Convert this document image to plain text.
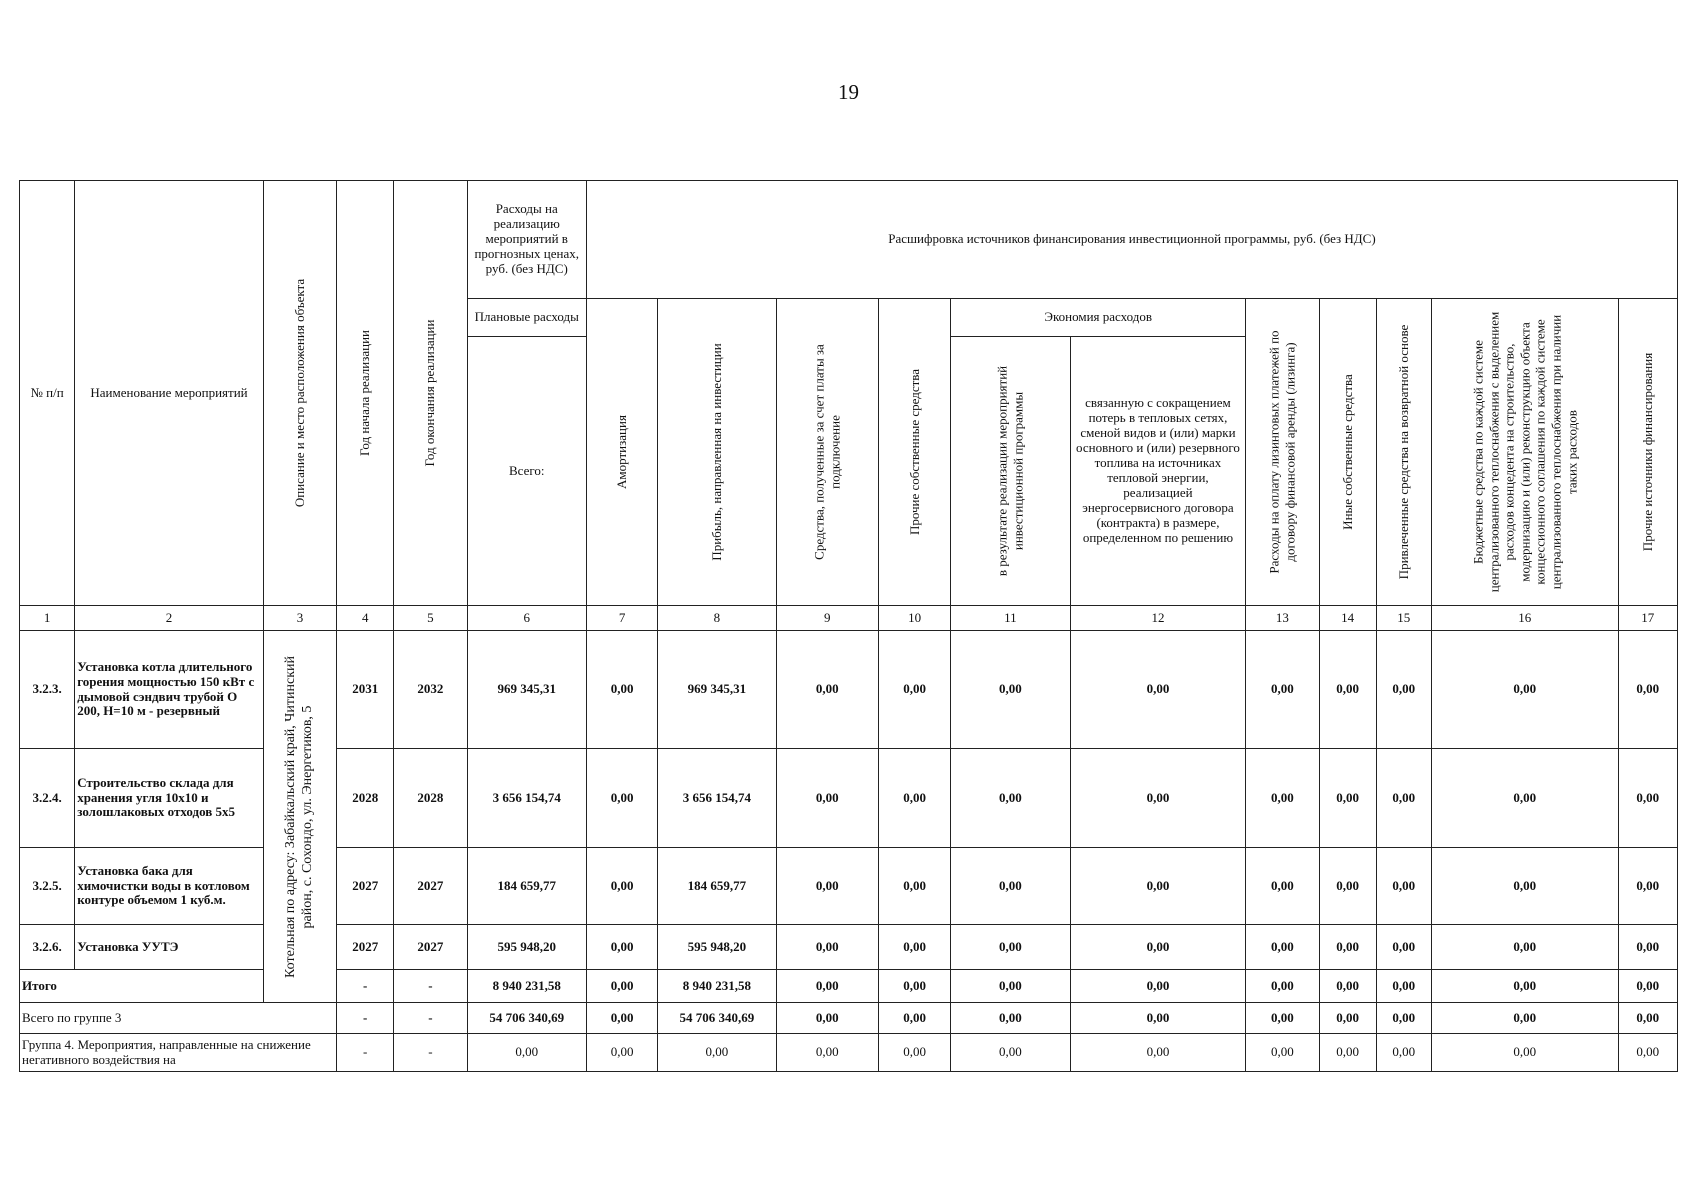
19
№ п/п	Наименование мероприятий	Описание и место расположения объекта	Год начала реализации	Год окончания реализации	Расходы на реализацию мероприятий в прогнозных ценах, руб. (без НДС)	Расшифровка источников финансирования инвестиционной программы, руб. (без НДС)										
					Плановые расходы	Амортизация	Прибыль, направленная на инвестиции	Средства, полученные за счет платы за подключение	Прочие собственные средства	Экономия расходов		Расходы на оплату лизинговых платежей по договору финансовой аренды (лизинга)	Иные собственные средства	Привлеченные средства на возвратной основе	Бюджетные средства по каждой системе централизованного теплоснабжения с выделением расходов концедента на строительство, модернизацию и (или) реконструкцию объекта концессионного соглашения по каждой системе централизованного теплоснабжения при наличии таких расходов	Прочие источники финансирования

					Всего:					в результате реализации мероприятий инвестиционной программы	связанную с сокращением потерь в тепловых сетях, сменой видов и (или) марки основного и (или) резервного топлива на источниках тепловой энергии, реализацией энергосервисного договора (контракта) в размере, определенном по решению					
1	2	3	4	5	6	7	8	9	10	11	12	13	14	15	16	17
3.2.3.	Установка котла длительного горения мощностью 150 кВт с дымовой сэндвич трубой О 200, Н=10 м - резервный	Котельная по адресу: Забайкальский край, Читинский район, с. Сохондо, ул. Энергетиков, 5	2031	2032	969 345,31	0,00	969 345,31	0,00	0,00	0,00	0,00	0,00	0,00	0,00	0,00	0,00
3.2.4.	Строительство склада для хранения угля 10х10 и золошлаковых отходов 5х5		2028	2028	3 656 154,74	0,00	3 656 154,74	0,00	0,00	0,00	0,00	0,00	0,00	0,00	0,00	0,00
3.2.5.	Установка бака для химочистки воды в котловом контуре объемом 1 куб.м.		2027	2027	184 659,77	0,00	184 659,77	0,00	0,00	0,00	0,00	0,00	0,00	0,00	0,00	0,00
3.2.6.	Установка УУТЭ		2027	2027	595 948,20	0,00	595 948,20	0,00	0,00	0,00	0,00	0,00	0,00	0,00	0,00	0,00
Итого			-	-	8 940 231,58	0,00	8 940 231,58	0,00	0,00	0,00	0,00	0,00	0,00	0,00	0,00	0,00
Всего по группе 3			-	-	54 706 340,69	0,00	54 706 340,69	0,00	0,00	0,00	0,00	0,00	0,00	0,00	0,00	0,00
Группа 4. Мероприятия, направленные на снижение негативного воздействия на			-	-	0,00	0,00	0,00	0,00	0,00	0,00	0,00	0,00	0,00	0,00	0,00	0,00
